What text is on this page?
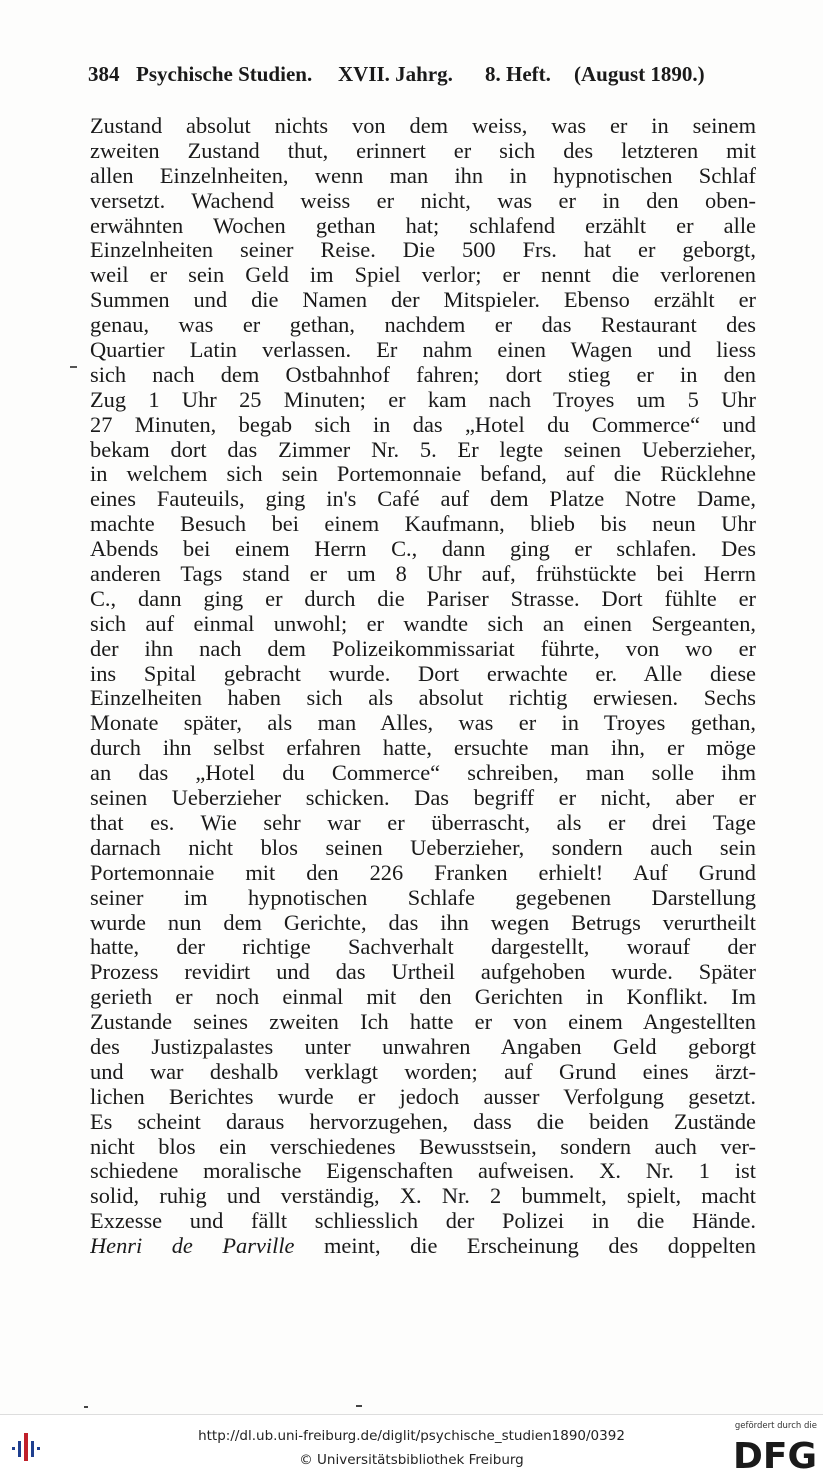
384 Psychische Studien. XVII. Jahrg. 8. Heft. (August 1890.)
Zustand absolut nichts von dem weiss, was er in seinem
zweiten Zustand thut, erinnert er sich des letzteren mit
allen Einzelnheiten, wenn man ihn in hypnotischen Schlaf
versetzt. Wachend weiss er nicht, was er in den oben-
erwähnten Wochen gethan hat; schlafend erzählt er alle
Einzelnheiten seiner Reise. Die 500 Frs. hat er geborgt,
weil er sein Geld im Spiel verlor; er nennt die verlorenen
Summen und die Namen der Mitspieler. Ebenso erzählt er
genau, was er gethan, nachdem er das Restaurant des
Quartier Latin verlassen. Er nahm einen Wagen und liess
sich nach dem Ostbahnhof fahren; dort stieg er in den
Zug 1 Uhr 25 Minuten; er kam nach Troyes um 5 Uhr
27 Minuten, begab sich in das „Hotel du Commerce“ und
bekam dort das Zimmer Nr. 5. Er legte seinen Ueberzieher,
in welchem sich sein Portemonnaie befand, auf die Rücklehne
eines Fauteuils, ging in's Café auf dem Platze Notre Dame,
machte Besuch bei einem Kaufmann, blieb bis neun Uhr
Abends bei einem Herrn C., dann ging er schlafen. Des
anderen Tags stand er um 8 Uhr auf, frühstückte bei Herrn
C., dann ging er durch die Pariser Strasse. Dort fühlte er
sich auf einmal unwohl; er wandte sich an einen Sergeanten,
der ihn nach dem Polizeikommissariat führte, von wo er
ins Spital gebracht wurde. Dort erwachte er. Alle diese
Einzelheiten haben sich als absolut richtig erwiesen. Sechs
Monate später, als man Alles, was er in Troyes gethan,
durch ihn selbst erfahren hatte, ersuchte man ihn, er möge
an das „Hotel du Commerce“ schreiben, man solle ihm
seinen Ueberzieher schicken. Das begriff er nicht, aber er
that es. Wie sehr war er überrascht, als er drei Tage
darnach nicht blos seinen Ueberzieher, sondern auch sein
Portemonnaie mit den 226 Franken erhielt! Auf Grund
seiner im hypnotischen Schlafe gegebenen Darstellung
wurde nun dem Gerichte, das ihn wegen Betrugs verurtheilt
hatte, der richtige Sachverhalt dargestellt, worauf der
Prozess revidirt und das Urtheil aufgehoben wurde. Später
gerieth er noch einmal mit den Gerichten in Konflikt. Im
Zustande seines zweiten Ich hatte er von einem Angestellten
des Justizpalastes unter unwahren Angaben Geld geborgt
und war deshalb verklagt worden; auf Grund eines ärzt-
lichen Berichtes wurde er jedoch ausser Verfolgung gesetzt.
Es scheint daraus hervorzugehen, dass die beiden Zustände
nicht blos ein verschiedenes Bewusstsein, sondern auch ver-
schiedene moralische Eigenschaften aufweisen. X. Nr. 1 ist
solid, ruhig und verständig, X. Nr. 2 bummelt, spielt, macht
Exzesse und fällt schliesslich der Polizei in die Hände.
Henri de Parville meint, die Erscheinung des doppelten
http://dl.ub.uni-freiburg.de/diglit/psychische_studien1890/0392
© Universitätsbibliothek Freiburg
gefördert durch die
DFG
